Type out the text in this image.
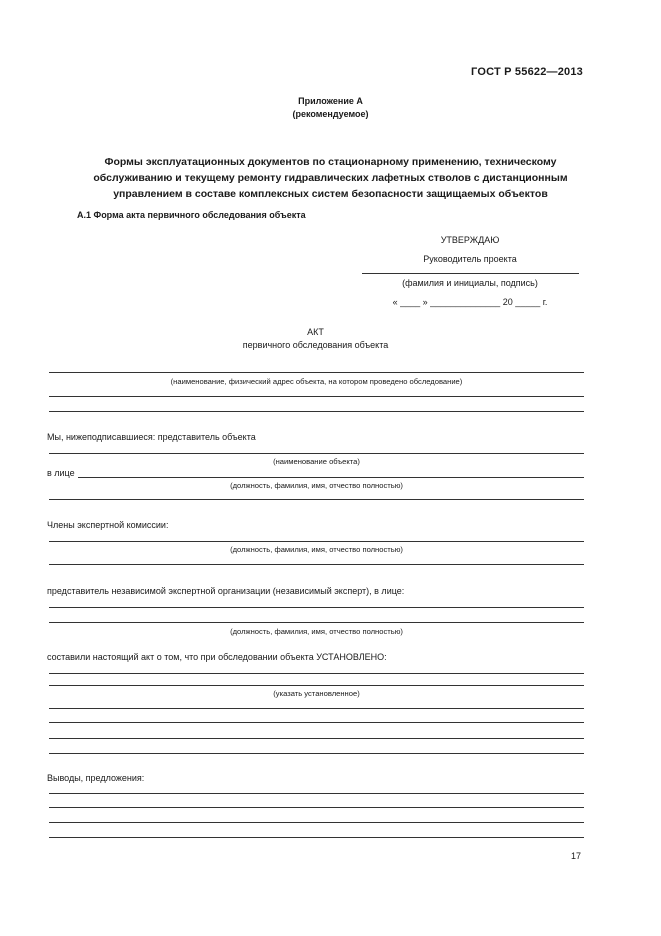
ГОСТ Р 55622—2013
Приложение А
(рекомендуемое)
Формы эксплуатационных документов по стационарному применению, техническому
обслуживанию и текущему ремонту гидравлических лафетных стволов с дистанционным
управлением в составе комплексных систем безопасности защищаемых объектов
А.1 Форма акта первичного обследования объекта
УТВЕРЖДАЮ
Руководитель проекта
(фамилия и инициалы, подпись)
« ____ » ______________ 20 _____ г.
АКТ
первичного обследования объекта
(наименование, физический адрес объекта, на котором проведено обследование)
Мы, нижеподписавшиеся: представитель объекта
(наименование объекта)
в лице
(должность, фамилия, имя, отчество полностью)
Члены экспертной комиссии:
(должность, фамилия, имя, отчество полностью)
представитель независимой экспертной организации (независимый эксперт), в лице:
(должность, фамилия, имя, отчество полностью)
составили настоящий акт о том, что при обследовании объекта УСТАНОВЛЕНО:
(указать установленное)
Выводы, предложения:
17
